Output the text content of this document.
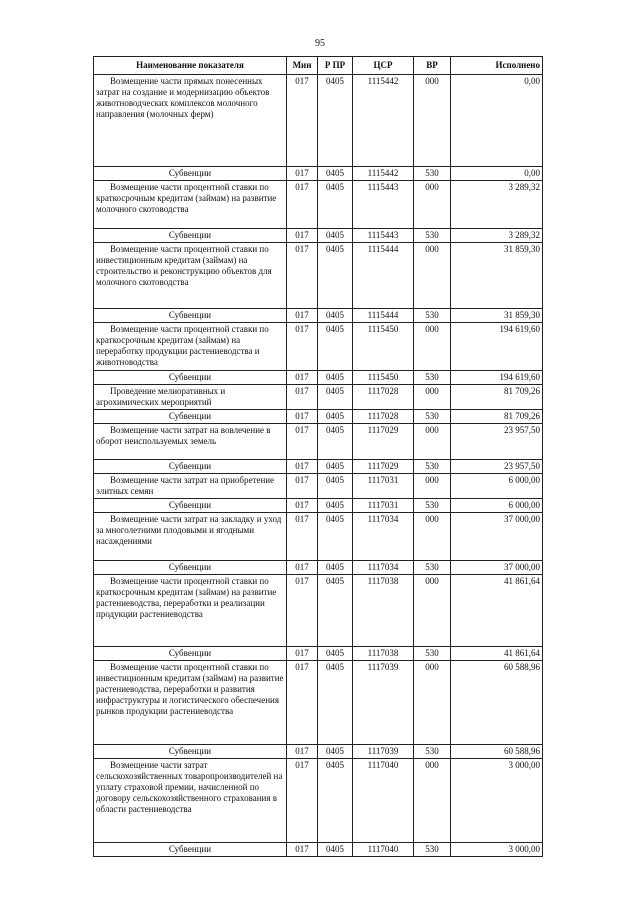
95
Наименование показателя	Мин	Р ПР	ЦСР	ВР	Исполнено
Возмещение части прямых понесенных затрат на создание и модернизацию объектов животноводческих комплексов молочного направления (молочных ферм)	017	0405	1115442	000	0,00
Субвенции	017	0405	1115442	530	0,00
Возмещение части процентной ставки по краткосрочным кредитам (займам) на развитие молочного скотоводства	017	0405	1115443	000	3 289,32
Субвенции	017	0405	1115443	530	3 289,32
Возмещение части процентной ставки по инвестиционным кредитам (займам) на строительство и реконструкцию объектов для молочного скотоводства	017	0405	1115444	000	31 859,30
Субвенции	017	0405	1115444	530	31 859,30
Возмещение части процентной ставки по краткосрочным кредитам (займам) на переработку продукции растениеводства и животноводства	017	0405	1115450	000	194 619,60
Субвенции	017	0405	1115450	530	194 619,60
Проведение мелиоративных и агрохимических мероприятий	017	0405	1117028	000	81 709,26
Субвенции	017	0405	1117028	530	81 709,26
Возмещение части затрат на вовлечение в оборот неиспользуемых земель	017	0405	1117029	000	23 957,50
Субвенции	017	0405	1117029	530	23 957,50
Возмещение части затрат на приобретение элитных семян	017	0405	1117031	000	6 000,00
Субвенции	017	0405	1117031	530	6 000,00
Возмещение части затрат на закладку и уход за многолетними плодовыми и ягодными насаждениями	017	0405	1117034	000	37 000,00
Субвенции	017	0405	1117034	530	37 000,00
Возмещение части процентной ставки по краткосрочным кредитам (займам) на развитие растениеводства, переработки и реализации продукции растениеводства	017	0405	1117038	000	41 861,64
Субвенции	017	0405	1117038	530	41 861,64
Возмещение части процентной ставки по инвестиционным кредитам (займам) на развитие растениеводства, переработки и развития инфраструктуры и логистического обеспечения рынков продукции растениеводства	017	0405	1117039	000	60 588,96
Субвенции	017	0405	1117039	530	60 588,96
Возмещение части затрат сельскохозяйственных товаропроизводителей на уплату страховой премии, начисленной по договору сельскохозяйственного страхования в области растениеводства	017	0405	1117040	000	3 000,00
Субвенции	017	0405	1117040	530	3 000,00
